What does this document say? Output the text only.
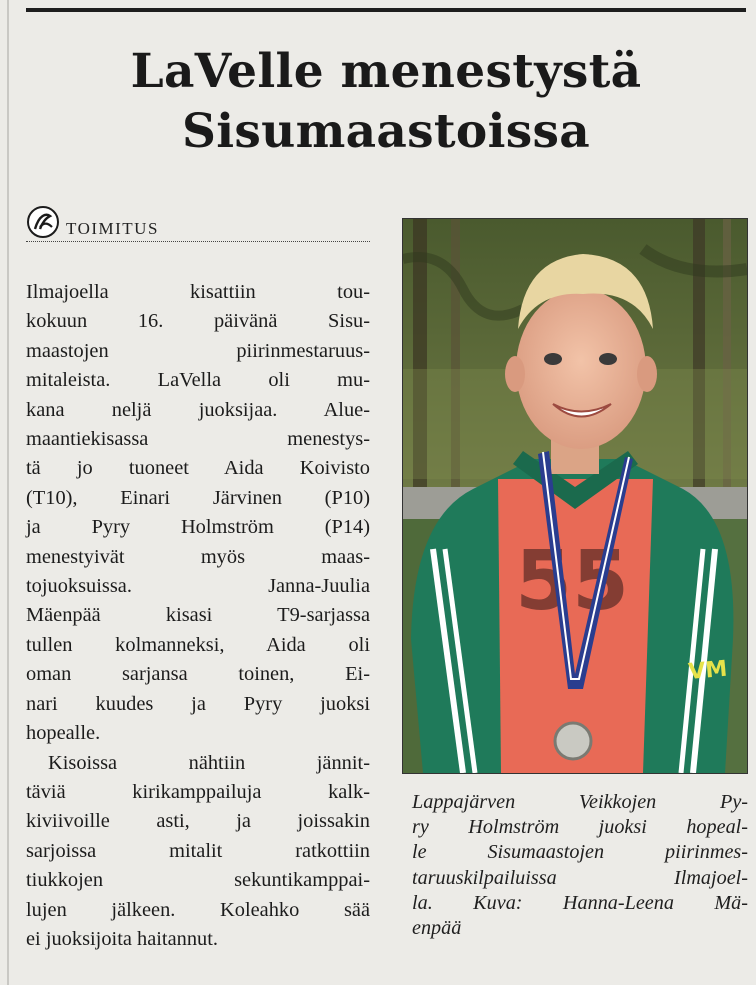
LaVelle menestystä
Sisumaastoissa
TOIMITUS
Ilmajoella kisattiin tou-
kokuun 16. päivänä Sisu-
maastojen piirinmestaruus-
mitaleista. LaVella oli mu-
kana neljä juoksijaa. Alue-
maantiekisassa menestys-
tä jo tuoneet Aida Koivisto
(T10), Einari Järvinen (P10)
ja Pyry Holmström (P14)
menestyivät myös maas-
tojuoksuissa. Janna-Juulia
Mäenpää kisasi T9-sarjassa
tullen kolmanneksi, Aida oli
oman sarjansa toinen, Ei-
nari kuudes ja Pyry juoksi
hopealle.
Kisoissa nähtiin jännit-
täviä kirikamppailuja kalk-
kiviivoille asti, ja joissakin
sarjoissa mitalit ratkottiin
tiukkojen sekuntikamppai-
lujen jälkeen. Koleahko sää
ei juoksijoita haitannut.
55
VM
Lappajärven Veikkojen Py-
ry Holmström juoksi hopeal-
le Sisumaastojen piirinmes-
taruuskilpailuissa Ilmajoel-
la. Kuva: Hanna-Leena Mä-
enpää
